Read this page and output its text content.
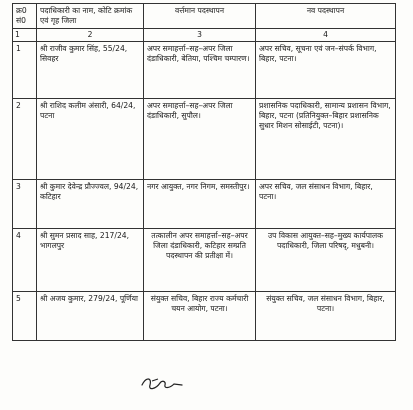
क्र0 सं0	पदाधिकारी का नाम, कोटि क्रमांक एवं गृह जिला	वर्त्तमान पदस्थापन	नव पदस्थापन
1	2	3	4
1	श्री राजीव कुमार सिंह, 55/24, सिवहर	अपर समाहर्त्ता–सह–अपर जिला दंडाधिकारी, बेतिया, पश्चिम चम्पारण।	अपर सचिव, सूचना एवं जन–संपर्क विभाग, बिहार, पटना।
2	श्री राशिद कलीम अंसारी, 64/24, पटना	अपर समाहर्त्ता–सह–अपर जिला दंडाधिकारी, सुपौल।	प्रशासनिक पदाधिकारी, सामान्य प्रशासन विभाग, बिहार, पटना (प्रतिनियुक्त–बिहार प्रशासनिक सुधार मिशन सोसाईटी, पटना)।
3	श्री कुमार देवेन्द्र प्रौज्ज्वल, 94/24, कटिहार	नगर आयुक्त, नगर निगम, समस्तीपुर।	अपर सचिव, जल संसाधन विभाग, बिहार, पटना।
4	श्री सुमन प्रसाद साह, 217/24, भागलपुर	तत्कालीन अपर समाहर्त्ता–सह–अपर जिला दंडाधिकारी, कटिहार सम्प्रति पदस्थापन की प्रतीक्षा में।	उप विकास आयुक्त–सह–मुख्य कार्यपालक पदाधिकारी, जिला परिषद्, मधुबनी।
5	श्री अजय कुमार, 279/24, पूर्णिया	संयुक्त सचिव, बिहार राज्य कर्मचारी चयन आयोग, पटना।	संयुक्त सचिव, जल संसाधन विभाग, बिहार, पटना।
